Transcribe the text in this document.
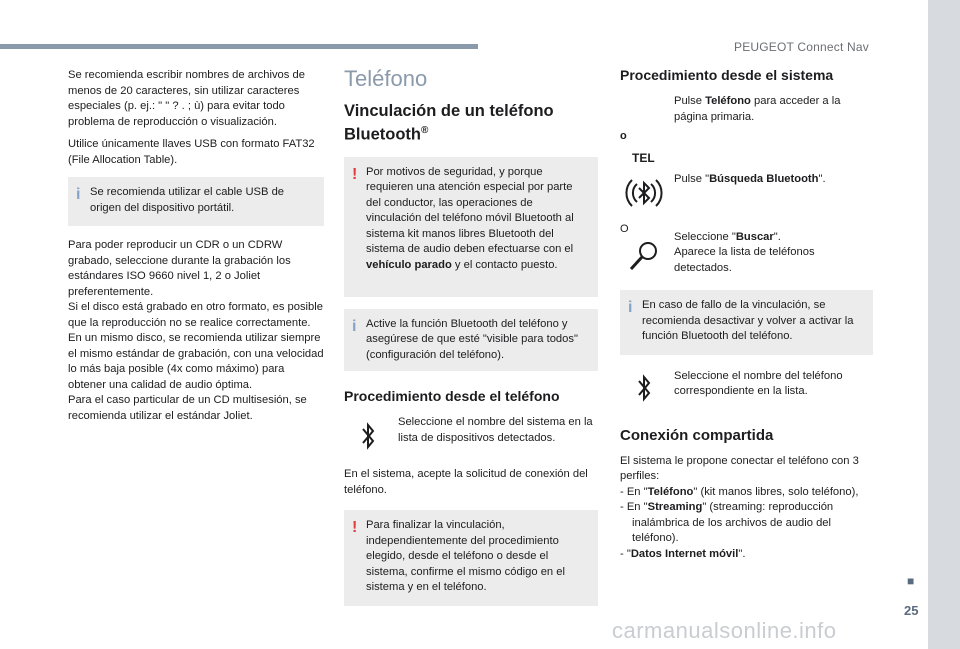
PEUGEOT Connect Nav
■
25
carmanualsonline.info

Se recomienda escribir nombres de archivos de menos de 20 caracteres, sin utilizar caracteres especiales (p. ej.: " " ? . ; ù) para evitar todo problema de reproducción o visualización.

Utilice únicamente llaves USB con formato FAT32 (File Allocation Table).

i Se recomienda utilizar el cable USB de origen del dispositivo portátil.

Para poder reproducir un CDR o un CDRW grabado, seleccione durante la grabación los estándares ISO 9660 nivel 1, 2 o Joliet preferentemente.

Si el disco está grabado en otro formato, es posible que la reproducción no se realice correctamente.

En un mismo disco, se recomienda utilizar siempre el mismo estándar de grabación, con una velocidad lo más baja posible (4x como máximo) para obtener una calidad de audio óptima.

Para el caso particular de un CD multisesión, se recomienda utilizar el estándar Joliet.

Teléfono
Vinculación de un teléfono
Bluetooth®
! Por motivos de seguridad, y porque requieren una atención especial por parte del conductor, las operaciones de vinculación del teléfono móvil Bluetooth al sistema kit manos libres Bluetooth del sistema de audio deben efectuarse con el vehículo parado y el contacto puesto.
i Active la función Bluetooth del teléfono y asegúrese de que esté "visible para todos" (configuración del teléfono).
Procedimiento desde el teléfono
Seleccione el nombre del sistema en la lista de dispositivos detectados.

En el sistema, acepte la solicitud de conexión del teléfono.

! Para finalizar la vinculación, independientemente del procedimiento elegido, desde el teléfono o desde el sistema, confirme el mismo código en el sistema y en el teléfono.
Procedimiento desde el sistema
Pulse Teléfono para acceder a la página primaria.
o
TEL
Pulse "Búsqueda Bluetooth".
O
Seleccione "Buscar".
Aparece la lista de teléfonos detectados.
i En caso de fallo de la vinculación, se recomienda desactivar y volver a activar la función Bluetooth del teléfono.
Seleccione el nombre del teléfono correspondiente en la lista.
Conexión compartida

El sistema le propone conectar el teléfono con 3 perfiles:

- En "Teléfono" (kit manos libres, solo teléfono),
- En "Streaming" (streaming: reproducción inalámbrica de los archivos de audio del teléfono).
- "Datos Internet móvil".
